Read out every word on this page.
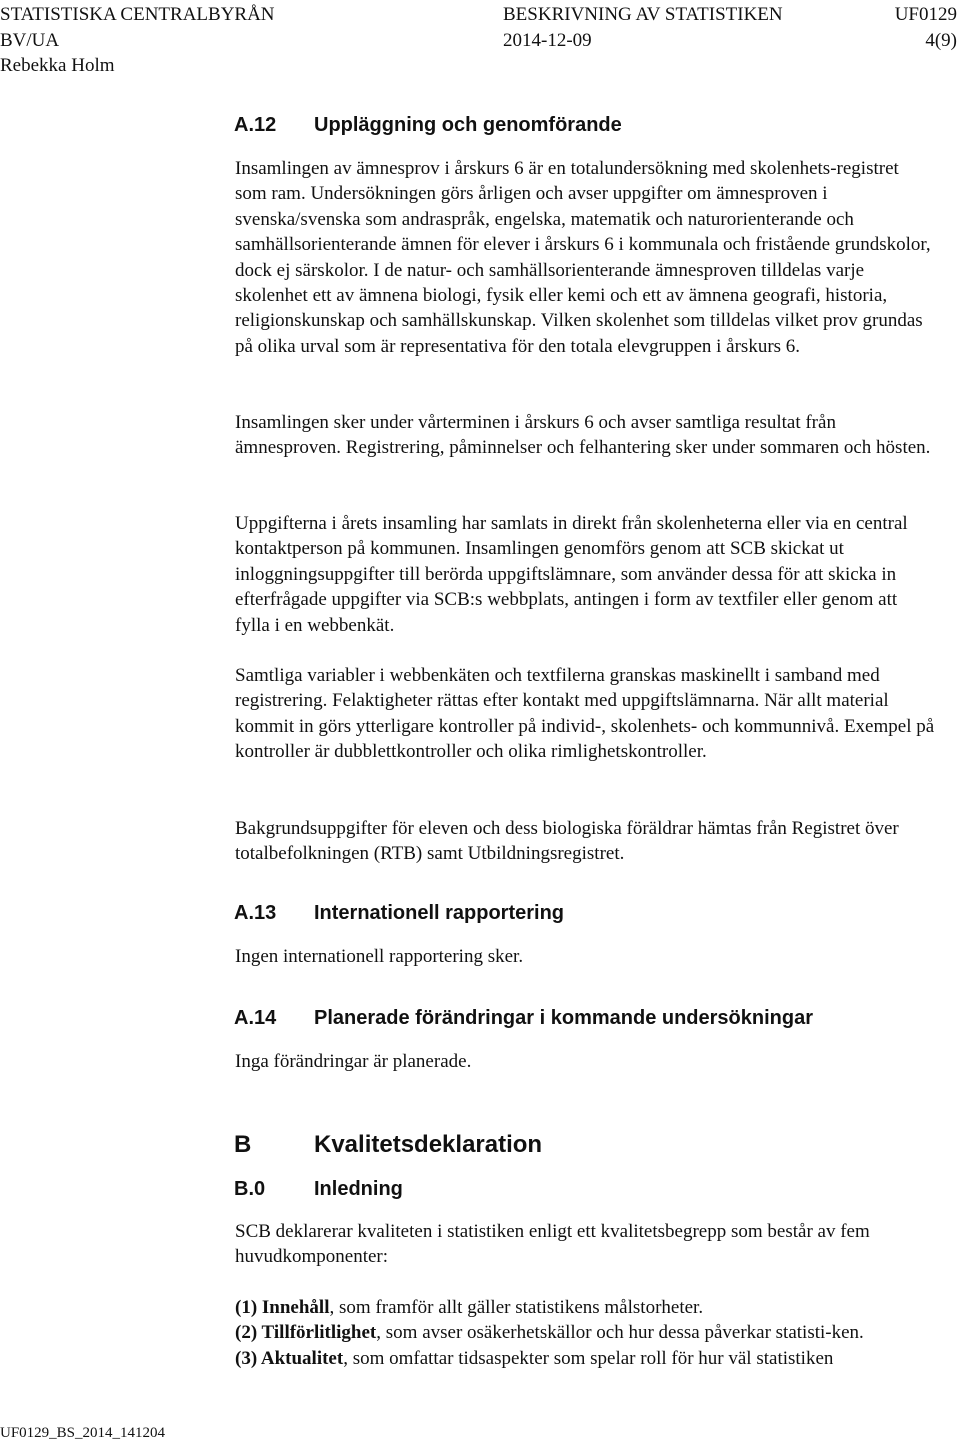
STATISTISKA CENTRALBYRÅN	BESKRIVNING AV STATISTIKEN	UF0129
BV/UA	2014-12-09	4(9)
Rebekka Holm
A.12 Uppläggning och genomförande

Insamlingen av ämnesprov i årskurs 6 är en totalundersökning med skolenhets-registret som ram. Undersökningen görs årligen och avser uppgifter om ämnesproven i svenska/svenska som andraspråk, engelska, matematik och naturorienterande och samhällsorienterande ämnen för elever i årskurs 6 i kommunala och fristående grundskolor, dock ej särskolor. I de natur- och samhällsorienterande ämnesproven tilldelas varje skolenhet ett av ämnena biologi, fysik eller kemi och ett av ämnena geografi, historia, religionskunskap och samhällskunskap. Vilken skolenhet som tilldelas vilket prov grundas på olika urval som är representativa för den totala elevgruppen i årskurs 6.

Insamlingen sker under vårterminen i årskurs 6 och avser samtliga resultat från ämnesproven. Registrering, påminnelser och felhantering sker under sommaren och hösten.

Uppgifterna i årets insamling har samlats in direkt från skolenheterna eller via en central kontaktperson på kommunen. Insamlingen genomförs genom att SCB skickat ut inloggningsuppgifter till berörda uppgiftslämnare, som använder dessa för att skicka in efterfrågade uppgifter via SCB:s webbplats, antingen i form av textfiler eller genom att fylla i en webbenkät.

Samtliga variabler i webbenkäten och textfilerna granskas maskinellt i samband med registrering. Felaktigheter rättas efter kontakt med uppgiftslämnarna. När allt material kommit in görs ytterligare kontroller på individ-, skolenhets- och kommunnivå. Exempel på kontroller är dubblettkontroller och olika rimlighetskontroller.

Bakgrundsuppgifter för eleven och dess biologiska föräldrar hämtas från Registret över totalbefolkningen (RTB) samt Utbildningsregistret.

A.13 Internationell rapportering

Ingen internationell rapportering sker.

A.14 Planerade förändringar i kommande undersökningar

Inga förändringar är planerade.

B	Kvalitetsdeklaration
B.0 Inledning

SCB deklarerar kvaliteten i statistiken enligt ett kvalitetsbegrepp som består av fem huvudkomponenter:

(1) Innehåll, som framför allt gäller statistikens målstorheter.
(2) Tillförlitlighet, som avser osäkerhetskällor och hur dessa påverkar statisti-ken.
(3) Aktualitet, som omfattar tidsaspekter som spelar roll för hur väl statistiken
UF0129_BS_2014_141204
